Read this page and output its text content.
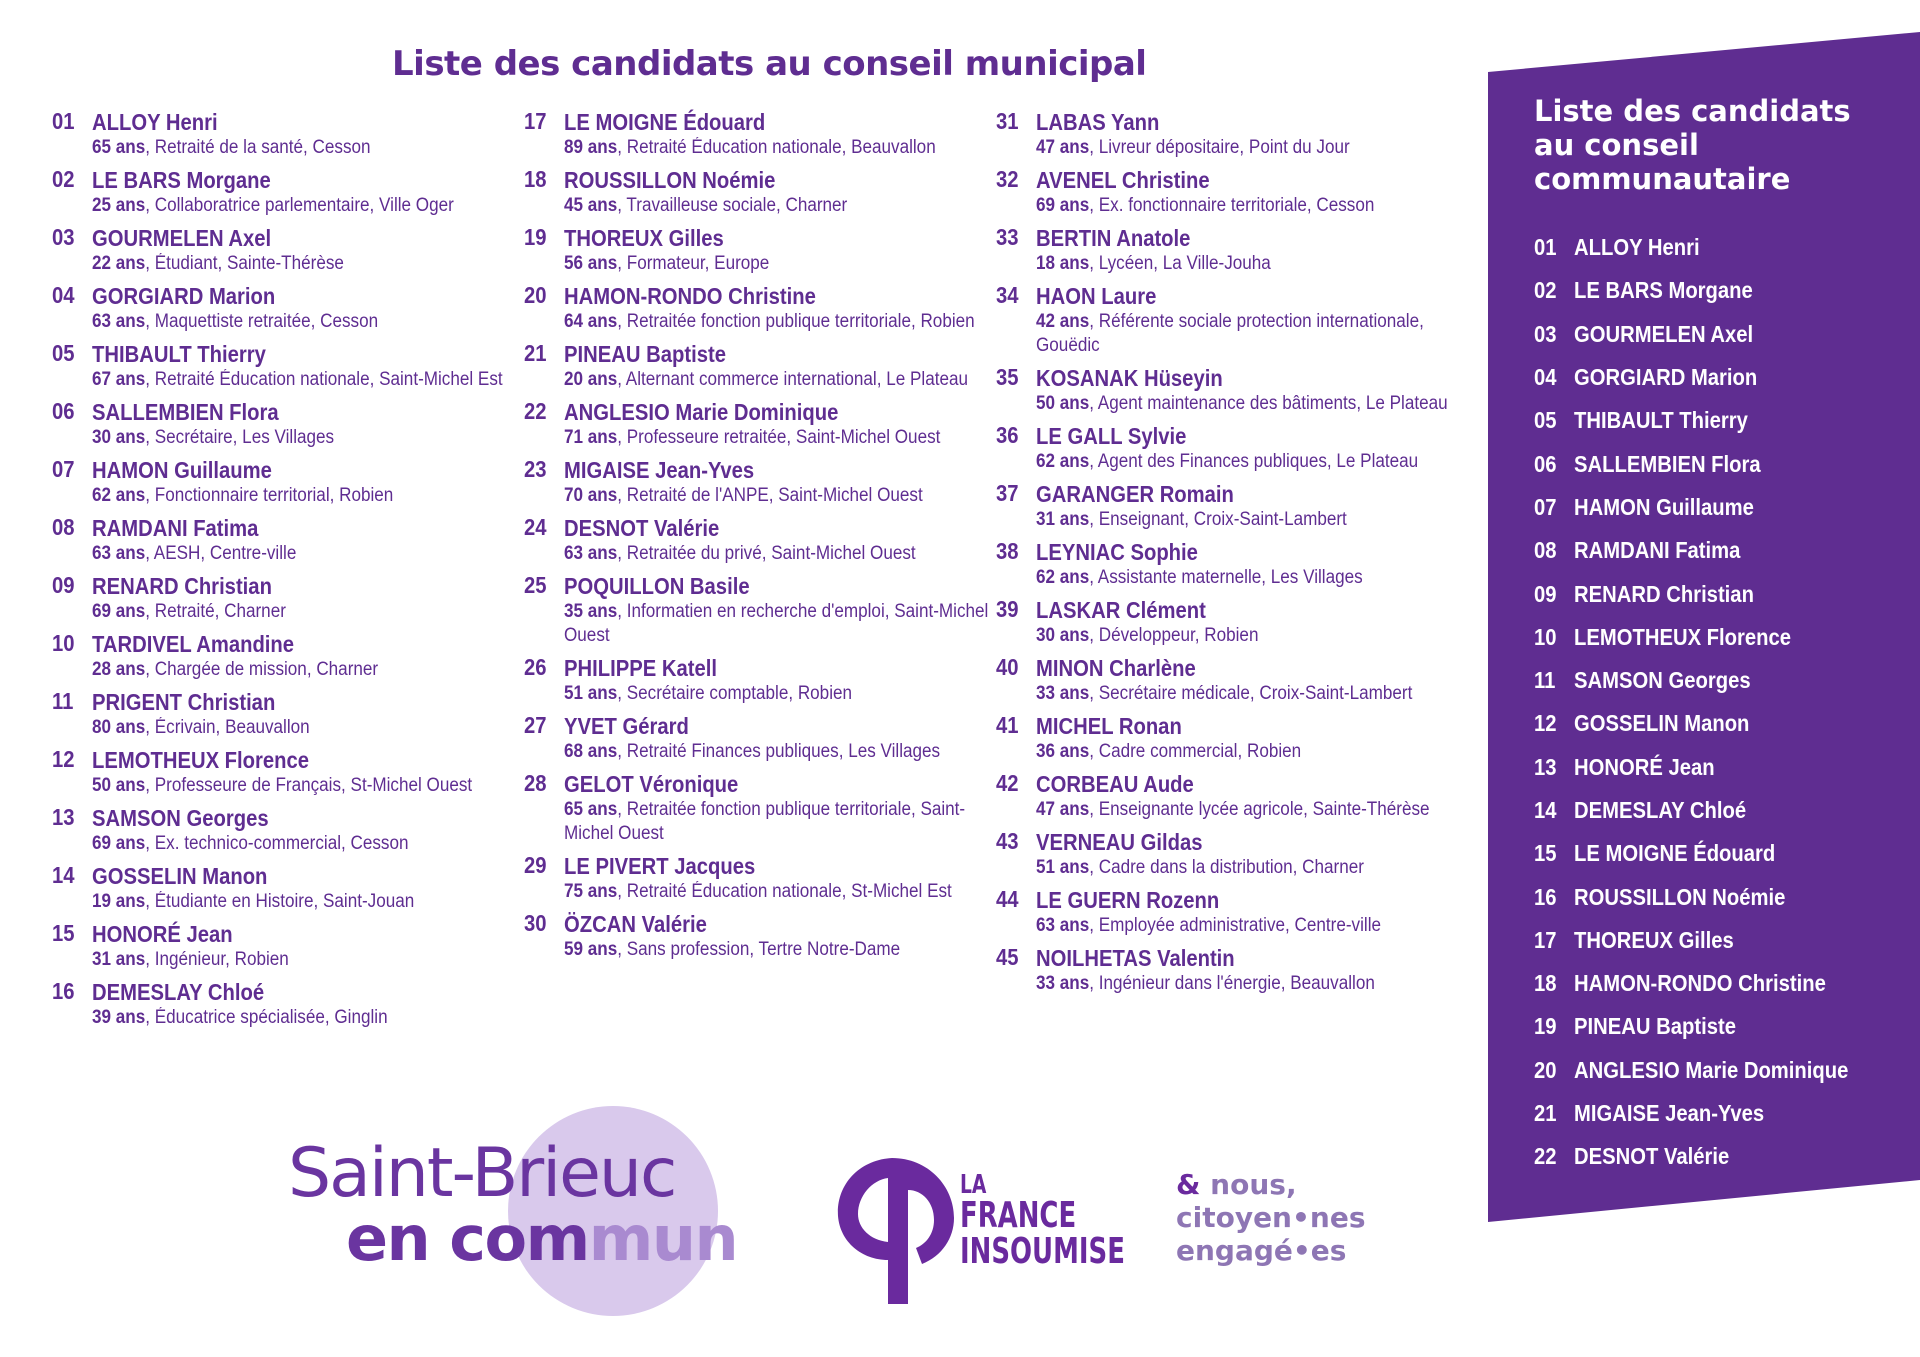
Liste des candidats au conseil municipal
01 ALLOY Henri
65 ans, Retraité de la santé, Cesson
02 LE BARS Morgane
25 ans, Collaboratrice parlementaire, Ville Oger
03 GOURMELEN Axel
22 ans, Étudiant, Sainte-Thérèse
04 GORGIARD Marion
63 ans, Maquettiste retraitée, Cesson
05 THIBAULT Thierry
67 ans, Retraité Éducation nationale, Saint-Michel Est
06 SALLEMBIEN Flora
30 ans, Secrétaire, Les Villages
07 HAMON Guillaume
62 ans, Fonctionnaire territorial, Robien
08 RAMDANI Fatima
63 ans, AESH, Centre-ville
09 RENARD Christian
69 ans, Retraité, Charner
10 TARDIVEL Amandine
28 ans, Chargée de mission, Charner
11 PRIGENT Christian
80 ans, Écrivain, Beauvallon
12 LEMOTHEUX Florence
50 ans, Professeure de Français, St-Michel Ouest
13 SAMSON Georges
69 ans, Ex. technico-commercial, Cesson
14 GOSSELIN Manon
19 ans, Étudiante en Histoire, Saint-Jouan
15 HONORÉ Jean
31 ans, Ingénieur, Robien
16 DEMESLAY Chloé
39 ans, Éducatrice spécialisée, Ginglin
17 LE MOIGNE Édouard
89 ans, Retraité Éducation nationale, Beauvallon
18 ROUSSILLON Noémie
45 ans, Travailleuse sociale, Charner
19 THOREUX Gilles
56 ans, Formateur, Europe
20 HAMON-RONDO Christine
64 ans, Retraitée fonction publique territoriale, Robien
21 PINEAU Baptiste
20 ans, Alternant commerce international, Le Plateau
22 ANGLESIO Marie Dominique
71 ans, Professeure retraitée, Saint-Michel Ouest
23 MIGAISE Jean-Yves
70 ans, Retraité de l'ANPE, Saint-Michel Ouest
24 DESNOT Valérie
63 ans, Retraitée du privé, Saint-Michel Ouest
25 POQUILLON Basile
35 ans, Informatien en recherche d'emploi, Saint-Michel Ouest
26 PHILIPPE Katell
51 ans, Secrétaire comptable, Robien
27 YVET Gérard
68 ans, Retraité Finances publiques, Les Villages
28 GELOT Véronique
65 ans, Retraitée fonction publique territoriale, Saint-Michel Ouest
29 LE PIVERT Jacques
75 ans, Retraité Éducation nationale, St-Michel Est
30 ÖZCAN Valérie
59 ans, Sans profession, Tertre Notre-Dame
31 LABAS Yann
47 ans, Livreur dépositaire, Point du Jour
32 AVENEL Christine
69 ans, Ex. fonctionnaire territoriale, Cesson
33 BERTIN Anatole
18 ans, Lycéen, La Ville-Jouha
34 HAON Laure
42 ans, Référente sociale protection internationale, Gouëdic
35 KOSANAK Hüseyin
50 ans, Agent maintenance des bâtiments, Le Plateau
36 LE GALL Sylvie
62 ans, Agent des Finances publiques, Le Plateau
37 GARANGER Romain
31 ans, Enseignant, Croix-Saint-Lambert
38 LEYNIAC Sophie
62 ans, Assistante maternelle, Les Villages
39 LASKAR Clément
30 ans, Développeur, Robien
40 MINON Charlène
33 ans, Secrétaire médicale, Croix-Saint-Lambert
41 MICHEL Ronan
36 ans, Cadre commercial, Robien
42 CORBEAU Aude
47 ans, Enseignante lycée agricole, Sainte-Thérèse
43 VERNEAU Gildas
51 ans, Cadre dans la distribution, Charner
44 LE GUERN Rozenn
63 ans, Employée administrative, Centre-ville
45 NOILHETAS Valentin
33 ans, Ingénieur dans l'énergie, Beauvallon
Liste des candidats au conseil communautaire
01 ALLOY Henri
02 LE BARS Morgane
03 GOURMELEN Axel
04 GORGIARD Marion
05 THIBAULT Thierry
06 SALLEMBIEN Flora
07 HAMON Guillaume
08 RAMDANI Fatima
09 RENARD Christian
10 LEMOTHEUX Florence
11 SAMSON Georges
12 GOSSELIN Manon
13 HONORÉ Jean
14 DEMESLAY Chloé
15 LE MOIGNE Édouard
16 ROUSSILLON Noémie
17 THOREUX Gilles
18 HAMON-RONDO Christine
19 PINEAU Baptiste
20 ANGLESIO Marie Dominique
21 MIGAISE Jean-Yves
22 DESNOT Valérie
Saint-Brieuc
en commun
LA
FRANCE
INSOUMISE
& nous,
citoyen•nes
engagé•es
